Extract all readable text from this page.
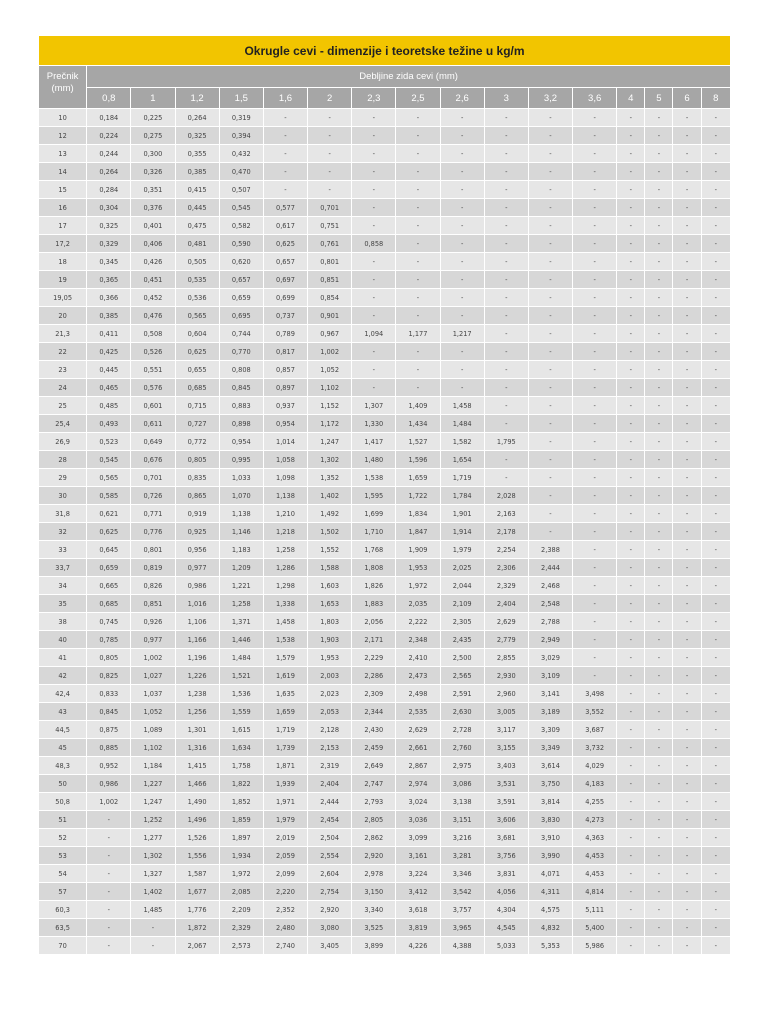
Okrugle cevi - dimenzije i teoretske težine u kg/m
Prečnik
(mm)	Debljine zida cevi (mm)															
	0,8	1	1,2	1,5	1,6	2	2,3	2,5	2,6	3	3,2	3,6	4	5	6	8
10	0,184	0,225	0,264	0,319	-	-	-	-	-	-	-	-	-	-	-	-
12	0,224	0,275	0,325	0,394	-	-	-	-	-	-	-	-	-	-	-	-
13	0,244	0,300	0,355	0,432	-	-	-	-	-	-	-	-	-	-	-	-
14	0,264	0,326	0,385	0,470	-	-	-	-	-	-	-	-	-	-	-	-
15	0,284	0,351	0,415	0,507	-	-	-	-	-	-	-	-	-	-	-	-
16	0,304	0,376	0,445	0,545	0,577	0,701	-	-	-	-	-	-	-	-	-	-
17	0,325	0,401	0,475	0,582	0,617	0,751	-	-	-	-	-	-	-	-	-	-
17,2	0,329	0,406	0,481	0,590	0,625	0,761	0,858	-	-	-	-	-	-	-	-	-
18	0,345	0,426	0,505	0,620	0,657	0,801	-	-	-	-	-	-	-	-	-	-
19	0,365	0,451	0,535	0,657	0,697	0,851	-	-	-	-	-	-	-	-	-	-
19,05	0,366	0,452	0,536	0,659	0,699	0,854	-	-	-	-	-	-	-	-	-	-
20	0,385	0,476	0,565	0,695	0,737	0,901	-	-	-	-	-	-	-	-	-	-
21,3	0,411	0,508	0,604	0,744	0,789	0,967	1,094	1,177	1,217	-	-	-	-	-	-	-
22	0,425	0,526	0,625	0,770	0,817	1,002	-	-	-	-	-	-	-	-	-	-
23	0,445	0,551	0,655	0,808	0,857	1,052	-	-	-	-	-	-	-	-	-	-
24	0,465	0,576	0,685	0,845	0,897	1,102	-	-	-	-	-	-	-	-	-	-
25	0,485	0,601	0,715	0,883	0,937	1,152	1,307	1,409	1,458	-	-	-	-	-	-	-
25,4	0,493	0,611	0,727	0,898	0,954	1,172	1,330	1,434	1,484	-	-	-	-	-	-	-
26,9	0,523	0,649	0,772	0,954	1,014	1,247	1,417	1,527	1,582	1,795	-	-	-	-	-	-
28	0,545	0,676	0,805	0,995	1,058	1,302	1,480	1,596	1,654	-	-	-	-	-	-	-
29	0,565	0,701	0,835	1,033	1,098	1,352	1,538	1,659	1,719	-	-	-	-	-	-	-
30	0,585	0,726	0,865	1,070	1,138	1,402	1,595	1,722	1,784	2,028	-	-	-	-	-	-
31,8	0,621	0,771	0,919	1,138	1,210	1,492	1,699	1,834	1,901	2,163	-	-	-	-	-	-
32	0,625	0,776	0,925	1,146	1,218	1,502	1,710	1,847	1,914	2,178	-	-	-	-	-	-
33	0,645	0,801	0,956	1,183	1,258	1,552	1,768	1,909	1,979	2,254	2,388	-	-	-	-	-
33,7	0,659	0,819	0,977	1,209	1,286	1,588	1,808	1,953	2,025	2,306	2,444	-	-	-	-	-
34	0,665	0,826	0,986	1,221	1,298	1,603	1,826	1,972	2,044	2,329	2,468	-	-	-	-	-
35	0,685	0,851	1,016	1,258	1,338	1,653	1,883	2,035	2,109	2,404	2,548	-	-	-	-	-
38	0,745	0,926	1,106	1,371	1,458	1,803	2,056	2,222	2,305	2,629	2,788	-	-	-	-	-
40	0,785	0,977	1,166	1,446	1,538	1,903	2,171	2,348	2,435	2,779	2,949	-	-	-	-	-
41	0,805	1,002	1,196	1,484	1,579	1,953	2,229	2,410	2,500	2,855	3,029	-	-	-	-	-
42	0,825	1,027	1,226	1,521	1,619	2,003	2,286	2,473	2,565	2,930	3,109	-	-	-	-	-
42,4	0,833	1,037	1,238	1,536	1,635	2,023	2,309	2,498	2,591	2,960	3,141	3,498	-	-	-	-
43	0,845	1,052	1,256	1,559	1,659	2,053	2,344	2,535	2,630	3,005	3,189	3,552	-	-	-	-
44,5	0,875	1,089	1,301	1,615	1,719	2,128	2,430	2,629	2,728	3,117	3,309	3,687	-	-	-	-
45	0,885	1,102	1,316	1,634	1,739	2,153	2,459	2,661	2,760	3,155	3,349	3,732	-	-	-	-
48,3	0,952	1,184	1,415	1,758	1,871	2,319	2,649	2,867	2,975	3,403	3,614	4,029	-	-	-	-
50	0,986	1,227	1,466	1,822	1,939	2,404	2,747	2,974	3,086	3,531	3,750	4,183	-	-	-	-
50,8	1,002	1,247	1,490	1,852	1,971	2,444	2,793	3,024	3,138	3,591	3,814	4,255	-	-	-	-
51	-	1,252	1,496	1,859	1,979	2,454	2,805	3,036	3,151	3,606	3,830	4,273	-	-	-	-
52	-	1,277	1,526	1,897	2,019	2,504	2,862	3,099	3,216	3,681	3,910	4,363	-	-	-	-
53	-	1,302	1,556	1,934	2,059	2,554	2,920	3,161	3,281	3,756	3,990	4,453	-	-	-	-
54	-	1,327	1,587	1,972	2,099	2,604	2,978	3,224	3,346	3,831	4,071	4,453	-	-	-	-
57	-	1,402	1,677	2,085	2,220	2,754	3,150	3,412	3,542	4,056	4,311	4,814	-	-	-	-
60,3	-	1,485	1,776	2,209	2,352	2,920	3,340	3,618	3,757	4,304	4,575	5,111	-	-	-	-
63,5	-	-	1,872	2,329	2,480	3,080	3,525	3,819	3,965	4,545	4,832	5,400	-	-	-	-
70	-	-	2,067	2,573	2,740	3,405	3,899	4,226	4,388	5,033	5,353	5,986	-	-	-	-
